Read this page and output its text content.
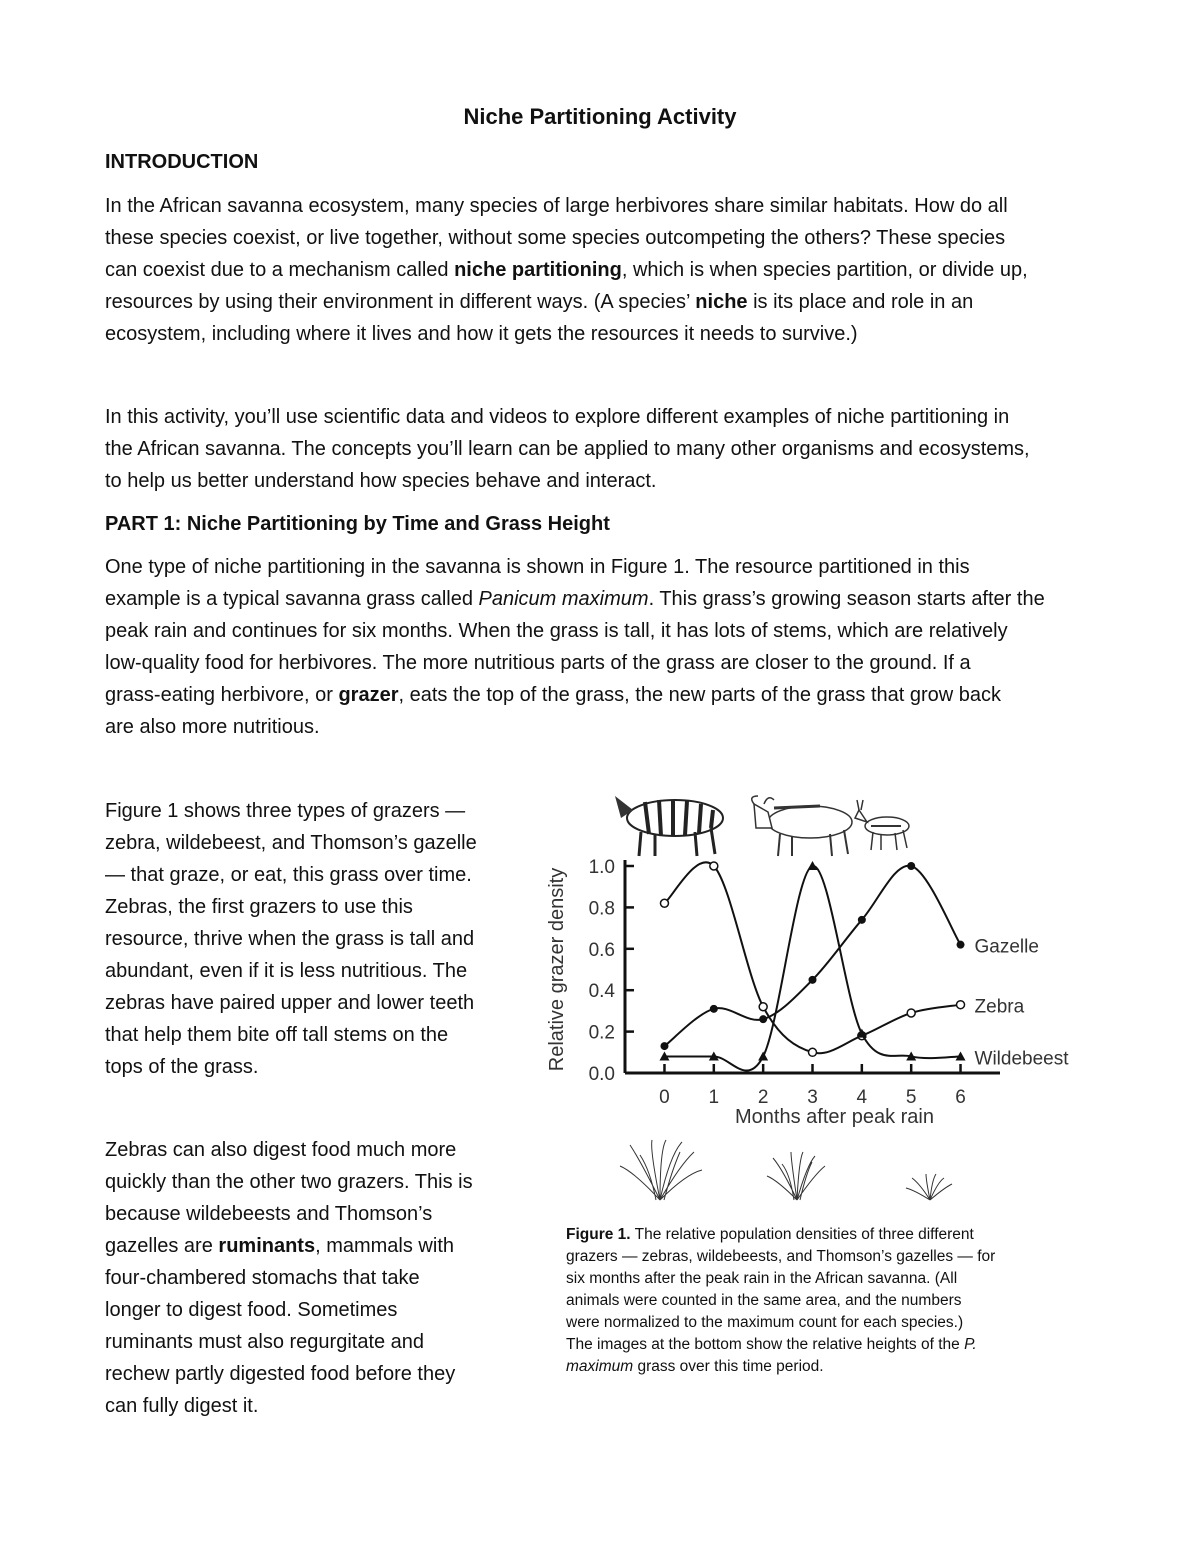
Niche Partitioning Activity

INTRODUCTION

In the African savanna ecosystem, many species of large herbivores share similar habitats. How do all

these species coexist, or live together, without some species outcompeting the others? These species

can coexist due to a mechanism called niche partitioning, which is when species partition, or divide up,

resources by using their environment in different ways. (A species’ niche is its place and role in an

ecosystem, including where it lives and how it gets the resources it needs to survive.)

In this activity, you’ll use scientific data and videos to explore different examples of niche partitioning in

the African savanna. The concepts you’ll learn can be applied to many other organisms and ecosystems,

to help us better understand how species behave and interact.

PART 1: Niche Partitioning by Time and Grass Height

One type of niche partitioning in the savanna is shown in Figure 1. The resource partitioned in this

example is a typical savanna grass called Panicum maximum. This grass’s growing season starts after the

peak rain and continues for six months. When the grass is tall, it has lots of stems, which are relatively

low-quality food for herbivores. The more nutritious parts of the grass are closer to the ground. If a

grass-eating herbivore, or grazer, eats the top of the grass, the new parts of the grass that grow back

are also more nutritious.

Figure 1 shows three types of grazers —

zebra, wildebeest, and Thomson’s gazelle

— that graze, or eat, this grass over time.

Zebras, the first grazers to use this

resource, thrive when the grass is tall and

abundant, even if it is less nutritious. The

zebras have paired upper and lower teeth

that help them bite off tall stems on the

tops of the grass.

Zebras can also digest food much more

quickly than the other two grazers. This is

because wildebeests and Thomson’s

gazelles are ruminants, mammals with

four-chambered stomachs that take

longer to digest food. Sometimes

ruminants must also regurgitate and

rechew partly digested food before they

can fully digest it.

0.0
0.2
0.4
0.6
0.8
1.0
0 1 2 3 4 5 6
Months after peak rain
Relative grazer density	Zebra
Wildebeest
Gazelle

Figure 1. The relative population densities of three different

grazers — zebras, wildebeests, and Thomson’s gazelles — for

six months after the peak rain in the African savanna. (All

animals were counted in the same area, and the numbers

were normalized to the maximum count for each species.)

The images at the bottom show the relative heights of the P.

maximum grass over this time period.
